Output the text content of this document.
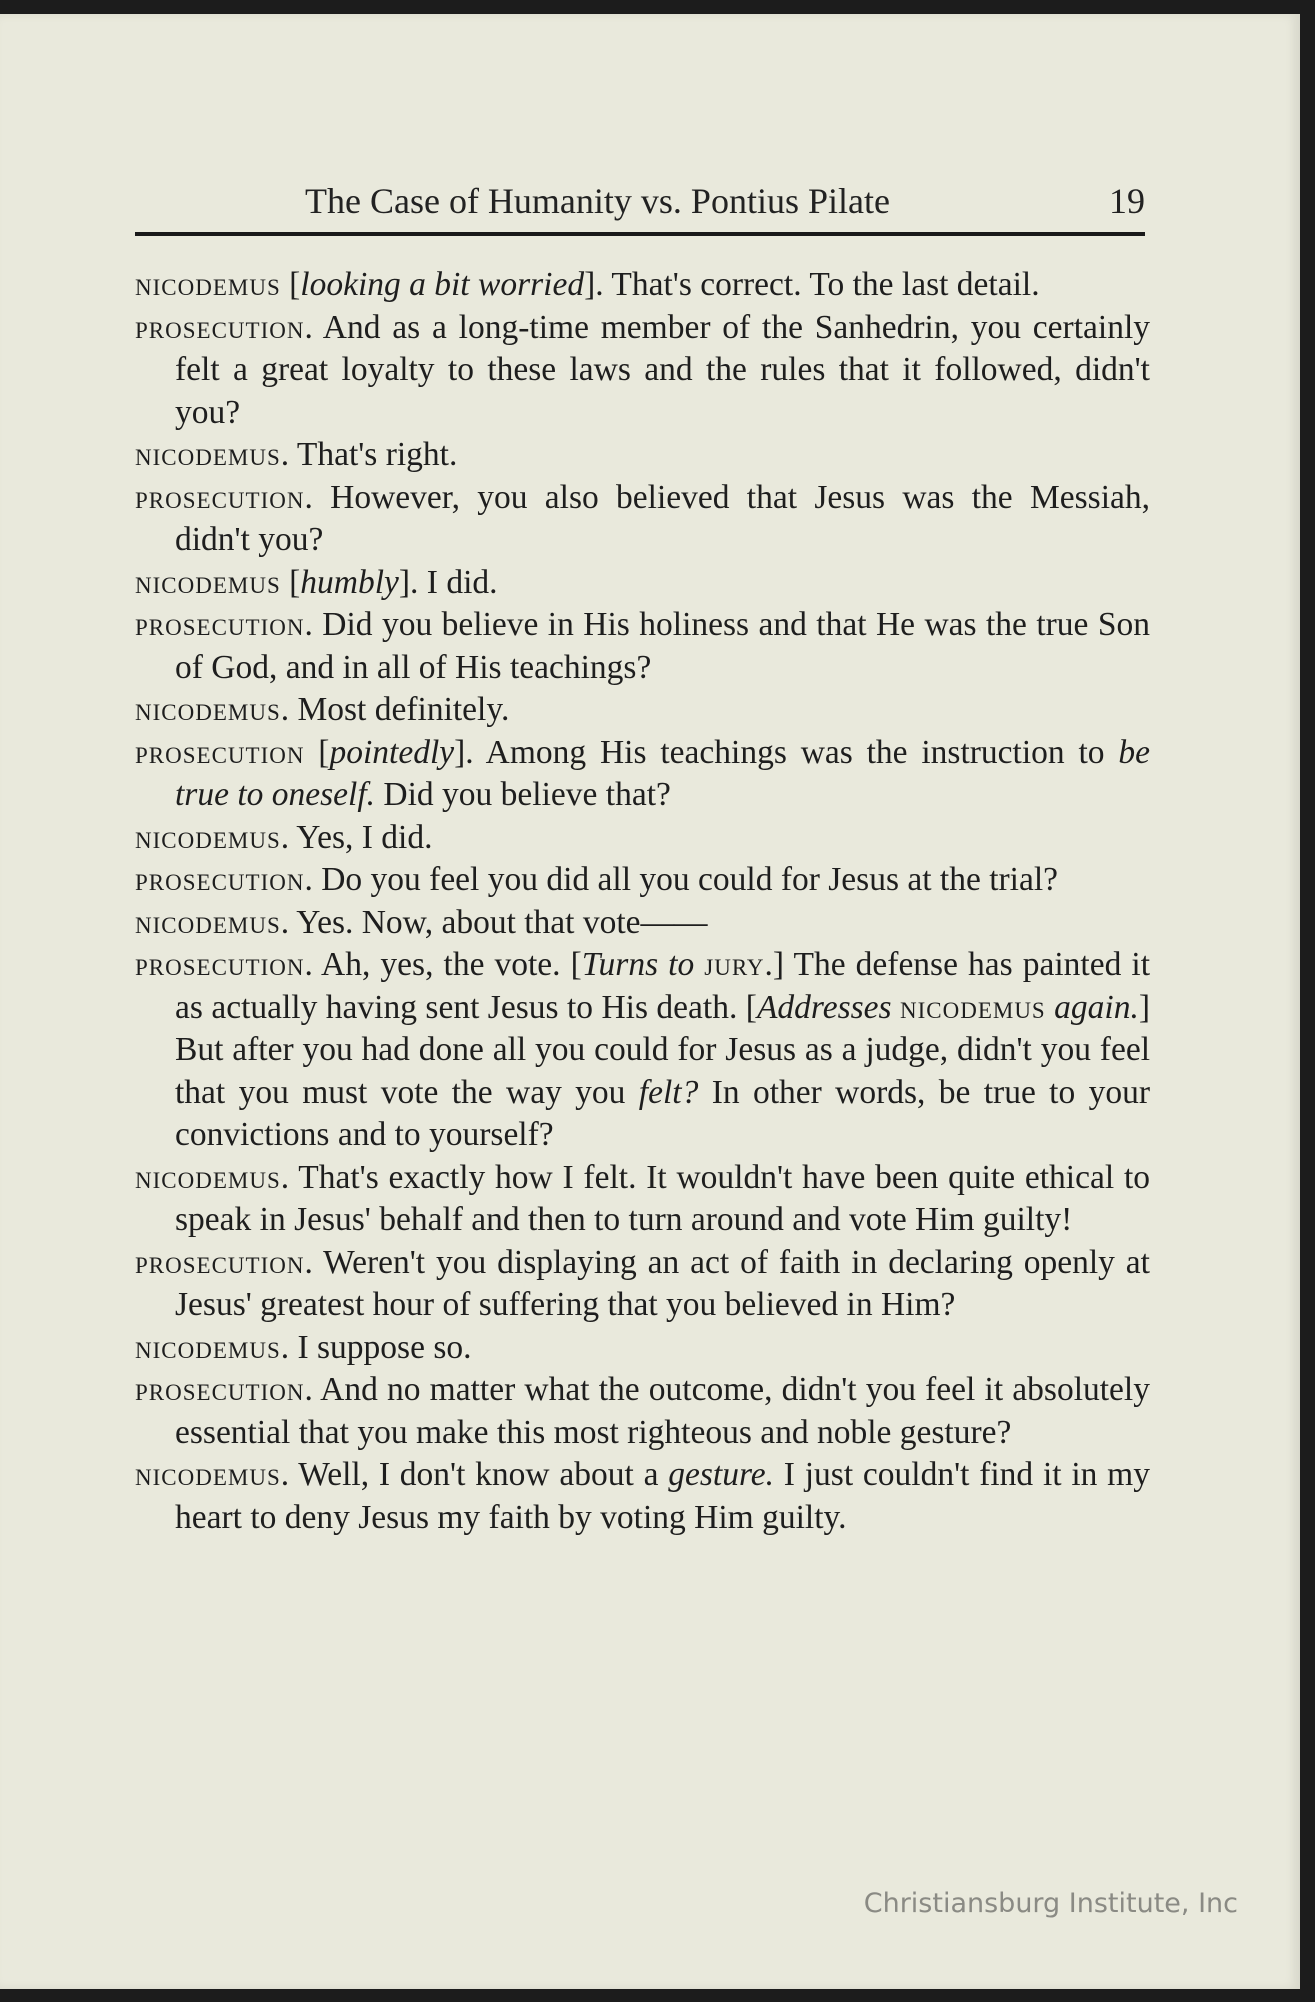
The Case of Humanity vs. Pontius Pilate	19

nicodemus [looking a bit worried]. That's correct. To the last detail.

prosecution. And as a long-time member of the Sanhedrin, you certainly felt a great loyalty to these laws and the rules that it followed, didn't you?

nicodemus. That's right.

prosecution. However, you also believed that Jesus was the Messiah, didn't you?

nicodemus [humbly]. I did.

prosecution. Did you believe in His holiness and that He was the true Son of God, and in all of His teachings?

nicodemus. Most definitely.

prosecution [pointedly]. Among His teachings was the instruction to be true to oneself. Did you believe that?

nicodemus. Yes, I did.

prosecution. Do you feel you did all you could for Jesus at the trial?

nicodemus. Yes. Now, about that vote——

prosecution. Ah, yes, the vote. [Turns to jury.] The defense has painted it as actually having sent Jesus to His death. [Addresses nicodemus again.] But after you had done all you could for Jesus as a judge, didn't you feel that you must vote the way you felt? In other words, be true to your convictions and to yourself?

nicodemus. That's exactly how I felt. It wouldn't have been quite ethical to speak in Jesus' behalf and then to turn around and vote Him guilty!

prosecution. Weren't you displaying an act of faith in declaring openly at Jesus' greatest hour of suffering that you believed in Him?

nicodemus. I suppose so.

prosecution. And no matter what the outcome, didn't you feel it absolutely essential that you make this most righteous and noble gesture?

nicodemus. Well, I don't know about a gesture. I just couldn't find it in my heart to deny Jesus my faith by voting Him guilty.

Christiansburg Institute, Inc
